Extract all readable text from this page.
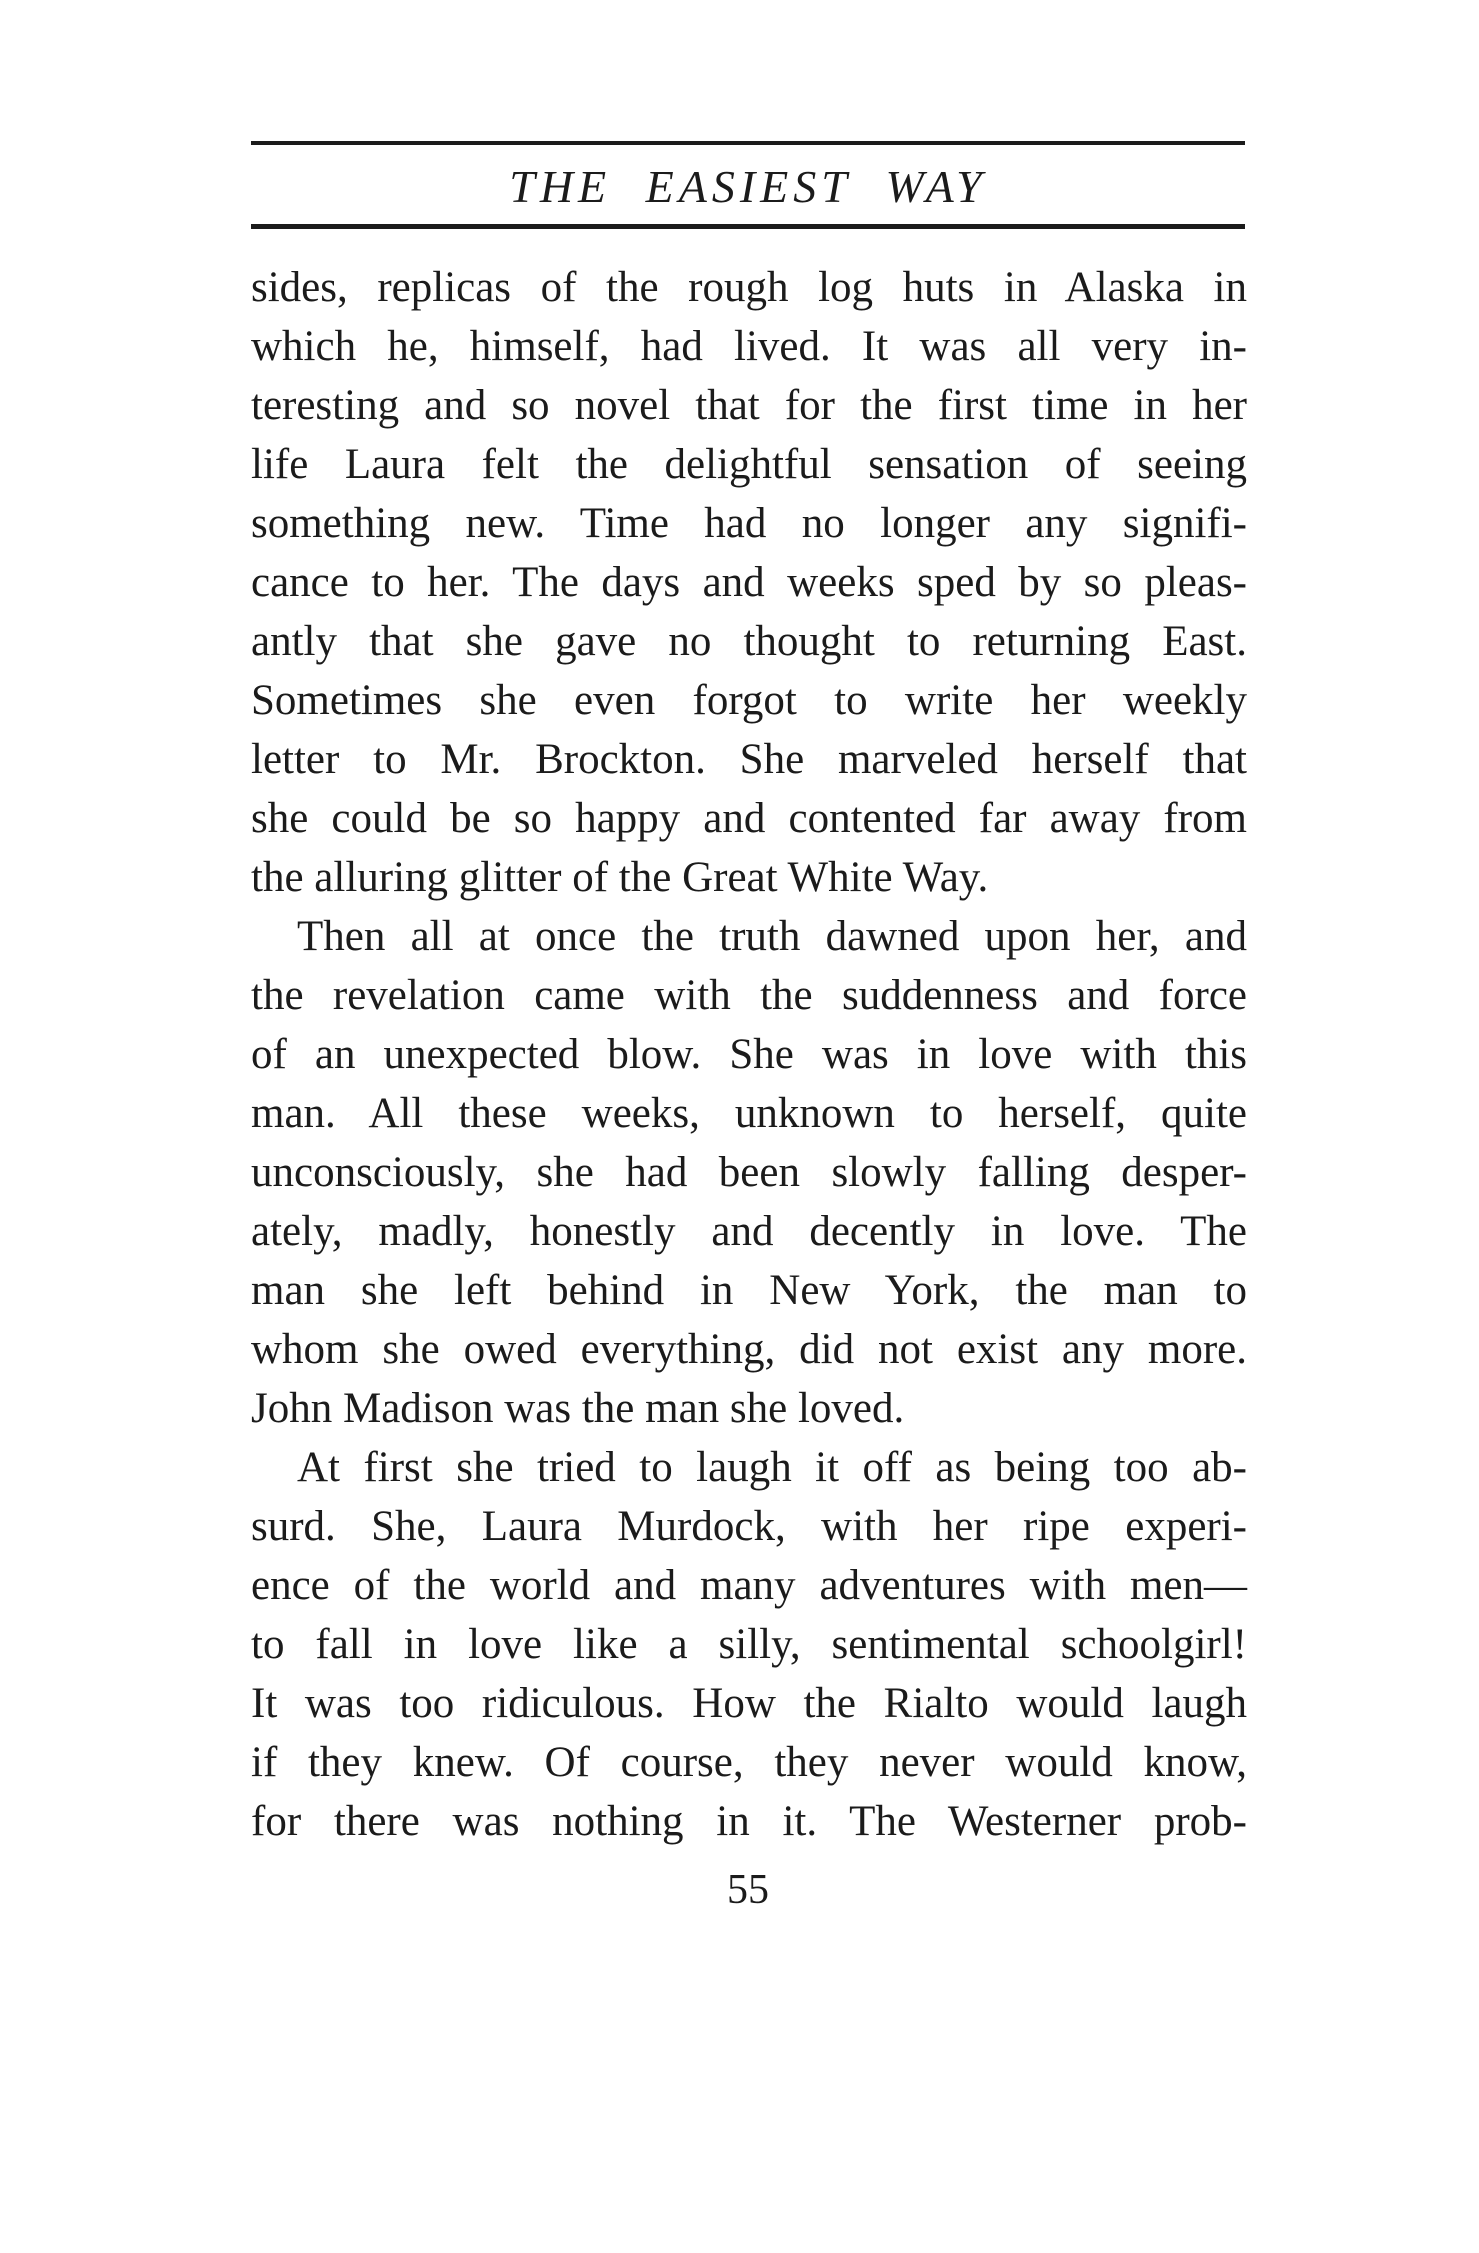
THE EASIEST WAY
sides, replicas of the rough log huts in Alaska in
which he, himself, had lived. It was all very in-
teresting and so novel that for the first time in her
life Laura felt the delightful sensation of seeing
something new. Time had no longer any signifi-
cance to her. The days and weeks sped by so pleas-
antly that she gave no thought to returning East.
Sometimes she even forgot to write her weekly
letter to Mr. Brockton. She marveled herself that
she could be so happy and contented far away from
the alluring glitter of the Great White Way.
Then all at once the truth dawned upon her, and
the revelation came with the suddenness and force
of an unexpected blow. She was in love with this
man. All these weeks, unknown to herself, quite
unconsciously, she had been slowly falling desper-
ately, madly, honestly and decently in love. The
man she left behind in New York, the man to
whom she owed everything, did not exist any more.
John Madison was the man she loved.
At first she tried to laugh it off as being too ab-
surd. She, Laura Murdock, with her ripe experi-
ence of the world and many adventures with men—
to fall in love like a silly, sentimental schoolgirl!
It was too ridiculous. How the Rialto would laugh
if they knew. Of course, they never would know,
for there was nothing in it. The Westerner prob-
55
